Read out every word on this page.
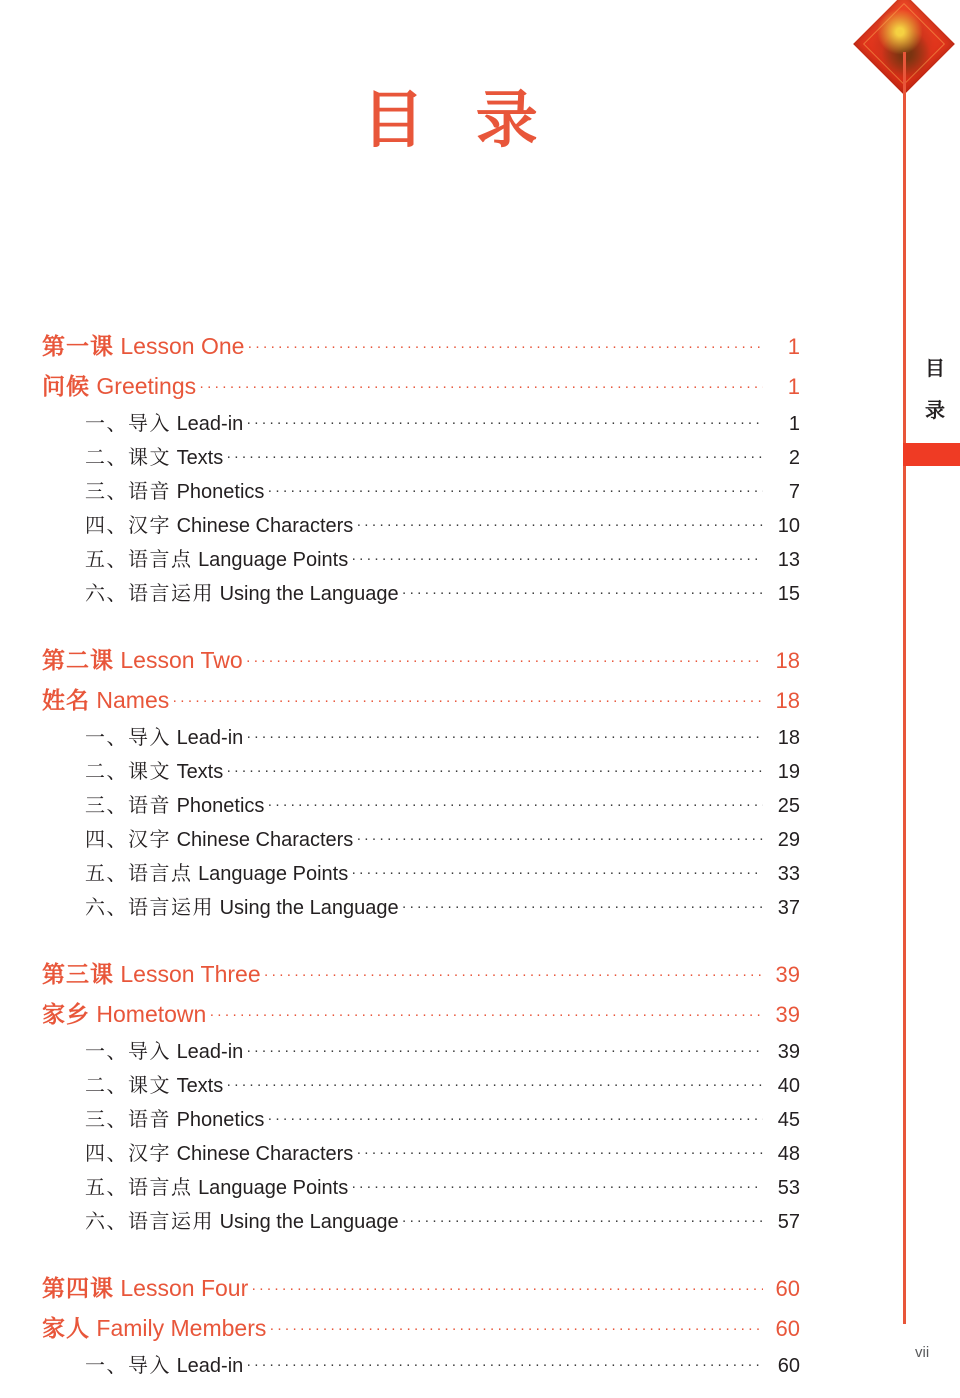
目
录
vii
目 录
第一课 Lesson One ·····	1
问候 Greetings ·····	1
一、导入 Lead-in ·····	1
二、课文 Texts ·····	2
三、语音 Phonetics ·····	7
四、汉字 Chinese Characters ·····	10
五、语言点 Language Points ·····	13
六、语言运用 Using the Language ·····	15
第二课 Lesson Two ·····	18
姓名 Names ·····	18
一、导入 Lead-in ·····	18
二、课文 Texts ·····	19
三、语音 Phonetics ·····	25
四、汉字 Chinese Characters ·····	29
五、语言点 Language Points ·····	33
六、语言运用 Using the Language ·····	37
第三课 Lesson Three ·····	39
家乡 Hometown ·····	39
一、导入 Lead-in ·····	39
二、课文 Texts ·····	40
三、语音 Phonetics ·····	45
四、汉字 Chinese Characters ·····	48
五、语言点 Language Points ·····	53
六、语言运用 Using the Language ·····	57
第四课 Lesson Four ·····	60
家人 Family Members ·····	60
一、导入 Lead-in ·····	60
